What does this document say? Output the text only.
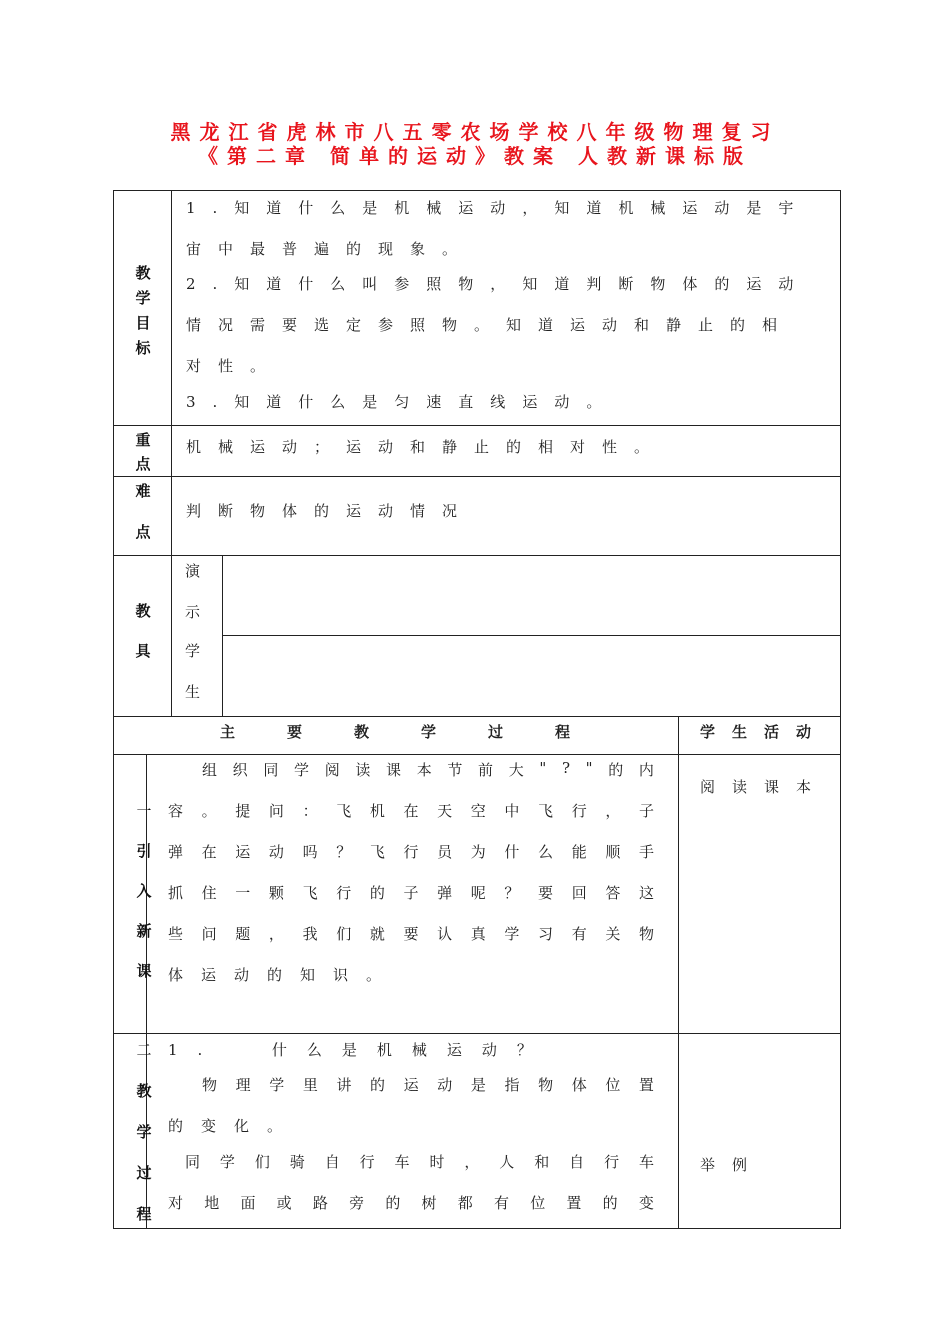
黑龙江省虎林市八五零农场学校八年级物理复习
《第二章 简单的运动》教案 人教新课标版
教
学
目
标
1.知道什么是机械运动，知道机械运动是宇
宙中最普遍的现象。
2.知道什么叫参照物，知道判断物体的运动
情况需要选定参照物。知道运动和静止的相
对性。
3.知道什么是匀速直线运动。
重
点
机械运动；运动和静止的相对性。
难
点
判断物体的运动情况
教
具
演
示
学
生
主要教学过程	学生活动
一
引
入
新
课
组 织 同 学 阅 读 课 本 节 前 大 " ? " 的 内
容 。 提 问 ： 飞 机 在 天 空 中 飞 行 ， 子
弹 在 运 动 吗 ？ 飞 行 员 为 什 么 能 顺 手
抓 住 一 颗 飞 行 的 子 弹 呢 ？ 要 回 答 这
些 问 题 ， 我 们 就 要 认 真 学 习 有 关 物
体运动的知识。
阅读课本
二
教
学
过
程
1.  什么是机械运动？
物 理 学 里 讲 的 运 动 是 指 物 体 位 置
的变化。
同 学 们 骑 自 行 车 时 ， 人 和 自 行 车
对 地 面 或 路 旁 的 树 都 有 位 置 的 变
举例
